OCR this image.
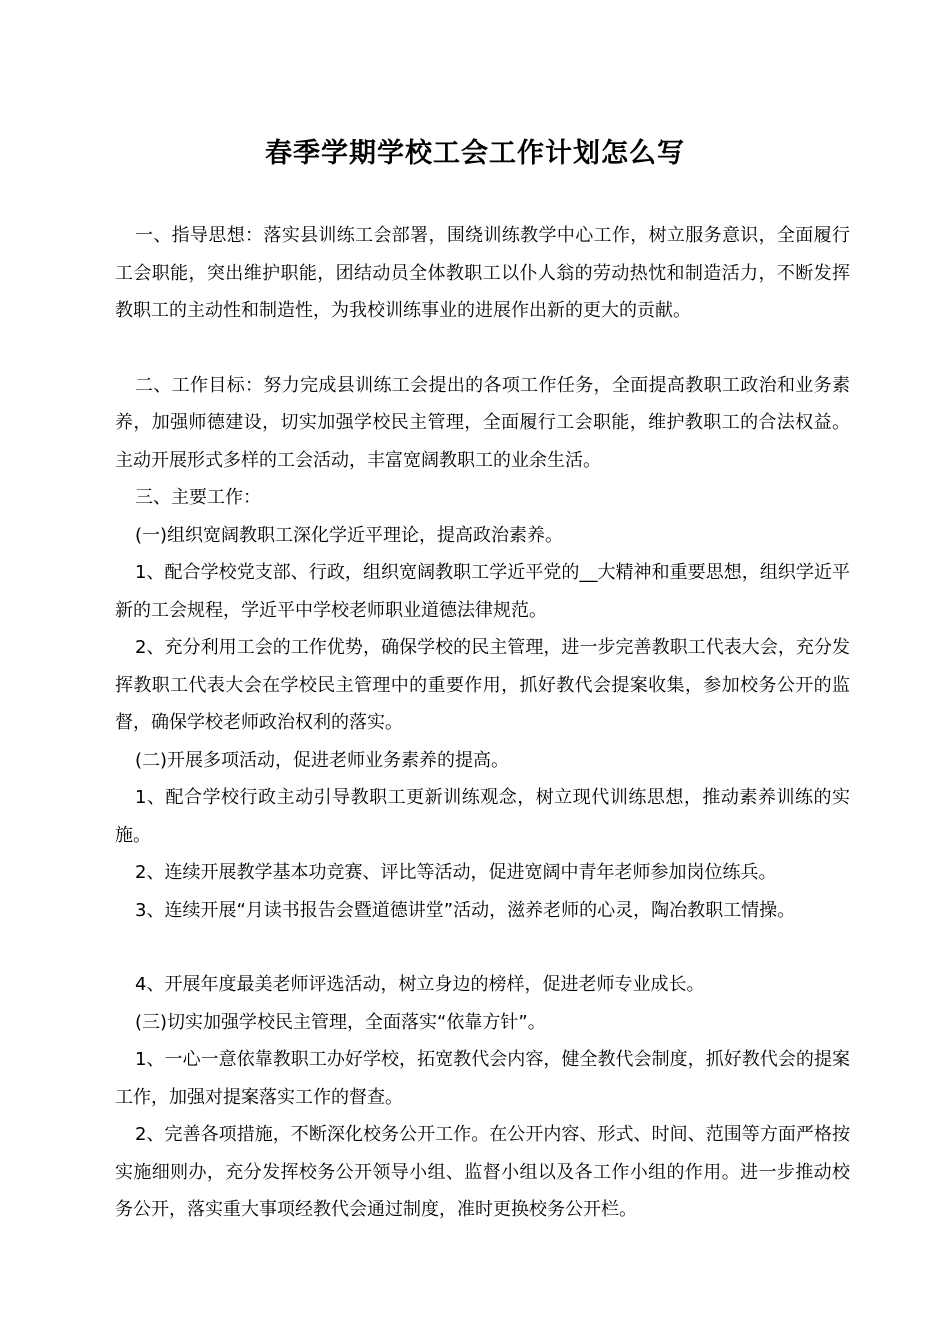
春季学期学校工会工作计划怎么写

一、指导思想：落实县训练工会部署，围绕训练教学中心工作，树立服务意识，全面履行工会职能，突出维护职能，团结动员全体教职工以仆人翁的劳动热忱和制造活力，不断发挥教职工的主动性和制造性，为我校训练事业的进展作出新的更大的贡献。

二、工作目标：努力完成县训练工会提出的各项工作任务，全面提高教职工政治和业务素养，加强师德建设，切实加强学校民主管理，全面履行工会职能，维护教职工的合法权益。主动开展形式多样的工会活动，丰富宽阔教职工的业余生活。

三、主要工作：

(一)组织宽阔教职工深化学近平理论，提高政治素养。

1、配合学校党支部、行政，组织宽阔教职工学近平党的__大精神和重要思想，组织学近平新的工会规程，学近平中学校老师职业道德法律规范。

2、充分利用工会的工作优势，确保学校的民主管理，进一步完善教职工代表大会，充分发挥教职工代表大会在学校民主管理中的重要作用，抓好教代会提案收集，参加校务公开的监督，确保学校老师政治权利的落实。

(二)开展多项活动，促进老师业务素养的提高。

1、配合学校行政主动引导教职工更新训练观念，树立现代训练思想，推动素养训练的实施。

2、连续开展教学基本功竞赛、评比等活动，促进宽阔中青年老师参加岗位练兵。

3、连续开展“月读书报告会暨道德讲堂”活动，滋养老师的心灵，陶冶教职工情操。

4、开展年度最美老师评选活动，树立身边的榜样，促进老师专业成长。

(三)切实加强学校民主管理，全面落实“依靠方针”。

1、一心一意依靠教职工办好学校，拓宽教代会内容，健全教代会制度，抓好教代会的提案工作，加强对提案落实工作的督查。

2、完善各项措施，不断深化校务公开工作。在公开内容、形式、时间、范围等方面严格按实施细则办，充分发挥校务公开领导小组、监督小组以及各工作小组的作用。进一步推动校务公开，落实重大事项经教代会通过制度，准时更换校务公开栏。
